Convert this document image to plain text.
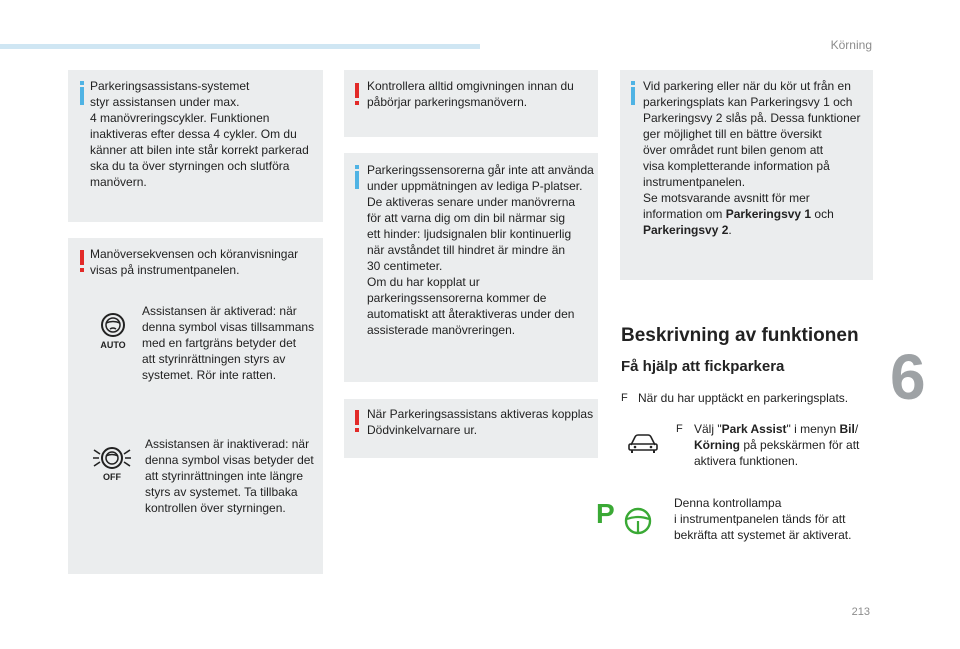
Körning
6
213
Parkeringsassistans-systemet
styr assistansen under max.
4 manövreringscykler. Funktionen
inaktiveras efter dessa 4 cykler. Om du
känner att bilen inte står korrekt parkerad
ska du ta över styrningen och slutföra
manövern.
Manöversekvensen och köranvisningar
visas på instrumentpanelen.
AUTO
Assistansen är aktiverad: när
denna symbol visas tillsammans
med en fartgräns betyder det
att styrinrättningen styrs av
systemet. Rör inte ratten.
OFF
Assistansen är inaktiverad: när
denna symbol visas betyder det
att styrinrättningen inte längre
styrs av systemet. Ta tillbaka
kontrollen över styrningen.
Kontrollera alltid omgivningen innan du
påbörjar parkeringsmanövern.
Parkeringssensorerna går inte att använda
under uppmätningen av lediga P-platser.
De aktiveras senare under manövrerna
för att varna dig om din bil närmar sig
ett hinder: ljudsignalen blir kontinuerlig
när avståndet till hindret är mindre än
30 centimeter.
Om du har kopplat ur
parkeringssensorerna kommer de
automatiskt att återaktiveras under den
assisterade manövreringen.
När Parkeringsassistans aktiveras kopplas
Dödvinkelvarnare ur.
Vid parkering eller när du kör ut från en
parkeringsplats kan Parkeringsvy 1 och
Parkeringsvy 2 slås på. Dessa funktioner
ger möjlighet till en bättre översikt
över området runt bilen genom att
visa kompletterande information på
instrumentpanelen.
Se motsvarande avsnitt för mer
information om Parkeringsvy 1 och
Parkeringsvy 2.
Beskrivning av funktionen
Få hjälp att fickparkera
F När du har upptäckt en parkeringsplats.
F Välj "Park Assist" i menyn Bil/
Körning på pekskärmen för att
aktivera funktionen.
P	Denna kontrollampa
i instrumentpanelen tänds för att
bekräfta att systemet är aktiverat.
